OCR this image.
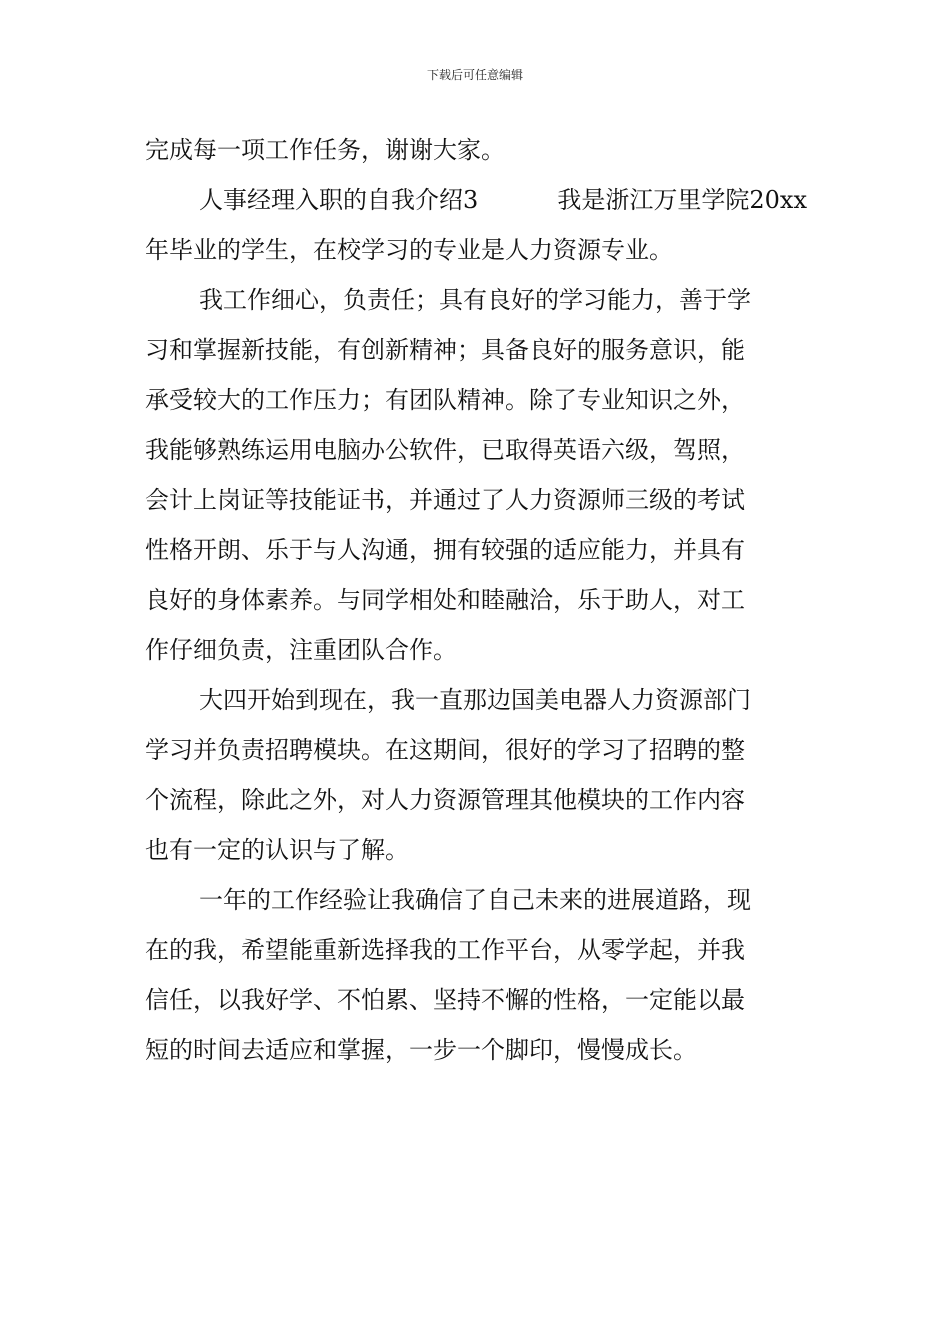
下载后可任意编辑
完成每一项工作任务，谢谢大家。
人事经理入职的自我介绍3	我是浙江万里学院20xx
年毕业的学生，在校学习的专业是人力资源专业。
我工作细心，负责任；具有良好的学习能力，善于学
习和掌握新技能，有创新精神；具备良好的服务意识，能
承受较大的工作压力；有团队精神。除了专业知识之外，
我能够熟练运用电脑办公软件，已取得英语六级，驾照，
会计上岗证等技能证书，并通过了人力资源师三级的考试
性格开朗、乐于与人沟通，拥有较强的适应能力，并具有
良好的身体素养。与同学相处和睦融洽，乐于助人，对工
作仔细负责，注重团队合作。
大四开始到现在，我一直那边国美电器人力资源部门
学习并负责招聘模块。在这期间，很好的学习了招聘的整
个流程，除此之外，对人力资源管理其他模块的工作内容
也有一定的认识与了解。
一年的工作经验让我确信了自己未来的进展道路，现
在的我，希望能重新选择我的工作平台，从零学起，并我
信任，以我好学、不怕累、坚持不懈的性格，一定能以最
短的时间去适应和掌握，一步一个脚印，慢慢成长。
